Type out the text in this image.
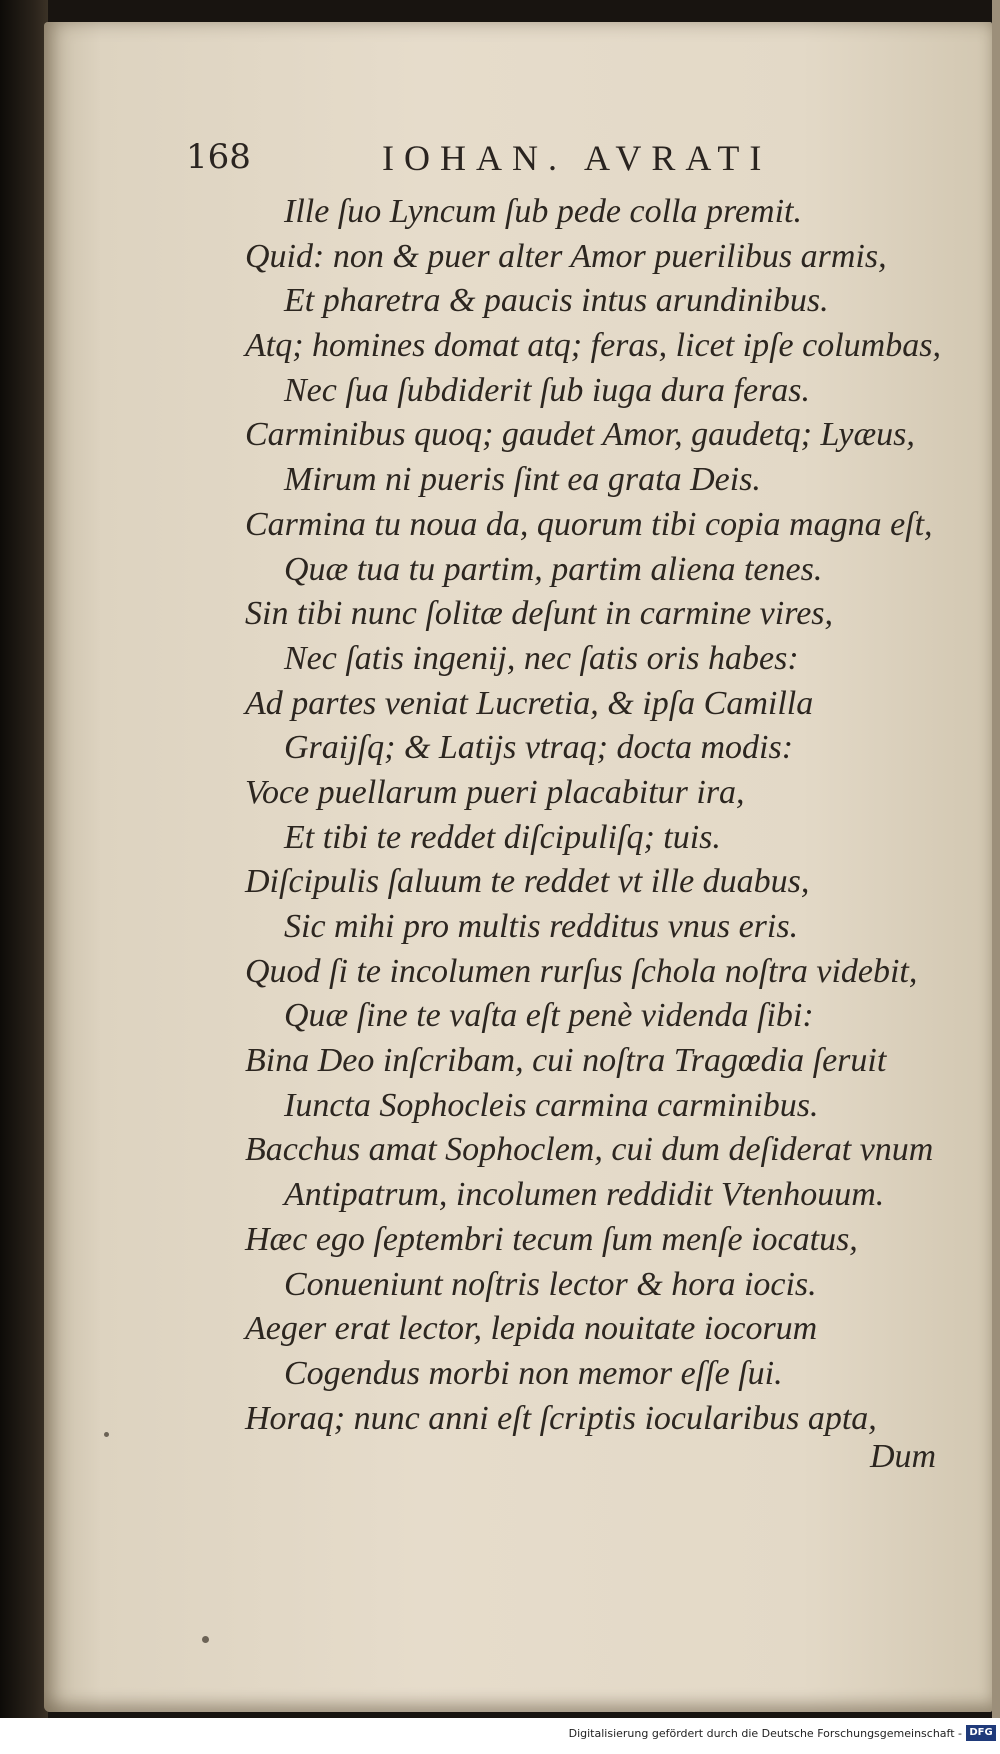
168	IOHAN. AVRATI
Ille ſuo Lyncum ſub pede colla premit.
Quid: non & puer alter Amor puerilibus armis,
Et pharetra & paucis intus arundinibus.
Atq; homines domat atq; feras, licet ipſe columbas,
Nec ſua ſubdiderit ſub iuga dura feras.
Carminibus quoq; gaudet Amor, gaudetq; Lyæus,
Mirum ni pueris ſint ea grata Deis.
Carmina tu noua da, quorum tibi copia magna eſt,
Quæ tua tu partim, partim aliena tenes.
Sin tibi nunc ſolitæ deſunt in carmine vires,
Nec ſatis ingenij, nec ſatis oris habes:
Ad partes veniat Lucretia, & ipſa Camilla
Graijſq; & Latijs vtraq; docta modis:
Voce puellarum pueri placabitur ira,
Et tibi te reddet diſcipuliſq; tuis.
Diſcipulis ſaluum te reddet vt ille duabus,
Sic mihi pro multis redditus vnus eris.
Quod ſi te incolumen rurſus ſchola noſtra videbit,
Quæ ſine te vaſta eſt penè videnda ſibi:
Bina Deo inſcribam, cui noſtra Tragœdia ſeruit
Iuncta Sophocleis carmina carminibus.
Bacchus amat Sophoclem, cui dum deſiderat vnum
Antipatrum, incolumen reddidit Vtenhouum.
Hæc ego ſeptembri tecum ſum menſe iocatus,
Conueniunt noſtris lector & hora iocis.
Aeger erat lector, lepida nouitate iocorum
Cogendus morbi non memor eſſe ſui.
Horaq; nunc anni eſt ſcriptis iocularibus apta,
Dum
Digitalisierung gefördert durch die Deutsche Forschungsgemeinschaft - DFG
